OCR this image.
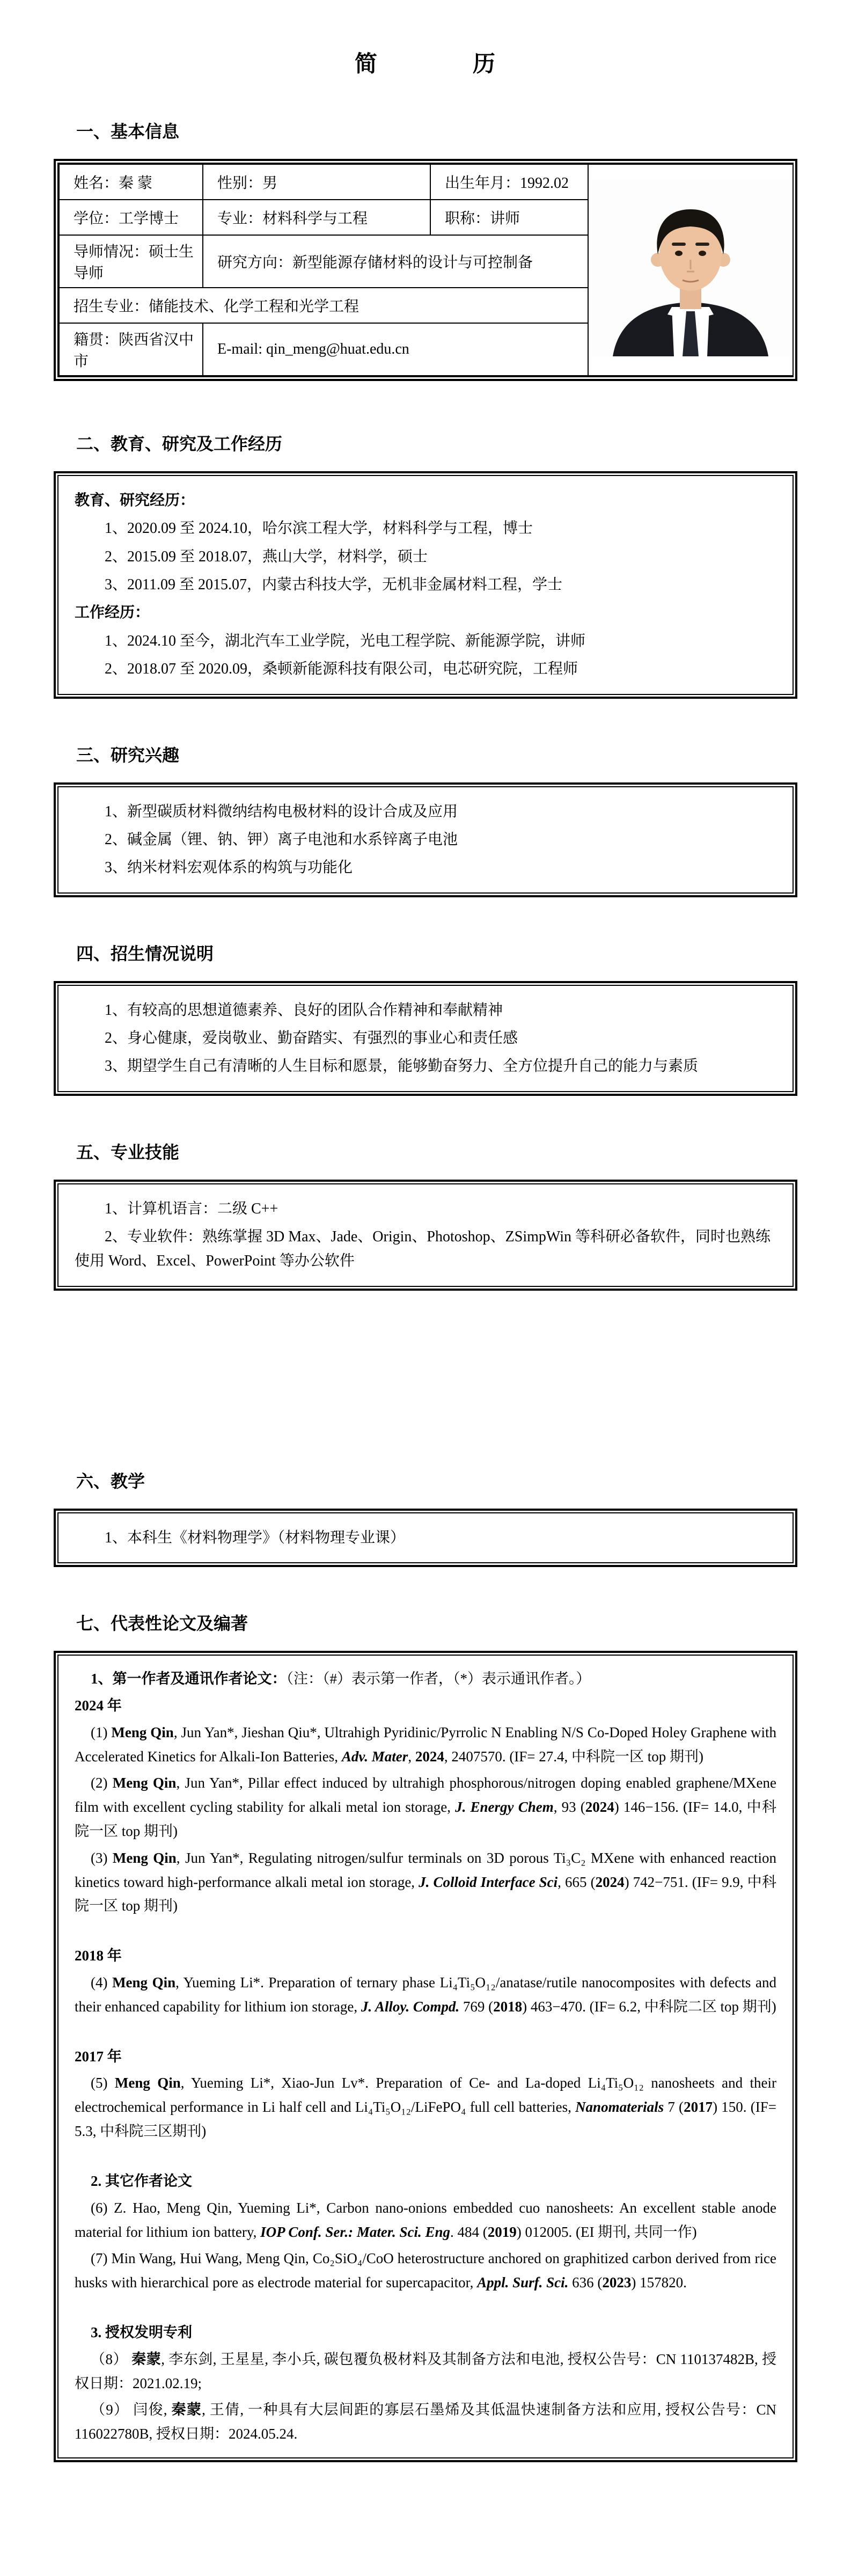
简　　　　历
一、基本信息
姓名：秦 蒙	性别：男	出生年月：1992.02	
学位：工学博士	专业：材料科学与工程	职称：讲师	
导师情况：硕士生导师	研究方向：新型能源存储材料的设计与可控制备		
招生专业：储能技术、化学工程和光学工程			
籍贯：陕西省汉中市	E-mail: qin_meng@huat.edu.cn		
二、教育、研究及工作经历

教育、研究经历：

1、2020.09 至 2024.10，哈尔滨工程大学，材料科学与工程，博士

2、2015.09 至 2018.07，燕山大学，材料学，硕士

3、2011.09 至 2015.07，内蒙古科技大学，无机非金属材料工程，学士

工作经历：

1、2024.10 至今，湖北汽车工业学院，光电工程学院、新能源学院，讲师

2、2018.07 至 2020.09，桑顿新能源科技有限公司，电芯研究院，工程师

三、研究兴趣

1、新型碳质材料微纳结构电极材料的设计合成及应用

2、碱金属（锂、钠、钾）离子电池和水系锌离子电池

3、纳米材料宏观体系的构筑与功能化

四、招生情况说明

1、有较高的思想道德素养、良好的团队合作精神和奉献精神

2、身心健康，爱岗敬业、勤奋踏实、有强烈的事业心和责任感

3、期望学生自己有清晰的人生目标和愿景，能够勤奋努力、全方位提升自己的能力与素质

五、专业技能

1、计算机语言：二级 C++

2、专业软件：熟练掌握 3D Max、Jade、Origin、Photoshop、ZSimpWin 等科研必备软件，同时也熟练使用 Word、Excel、PowerPoint 等办公软件

六、教学

1、本科生《材料物理学》（材料物理专业课）

七、代表性论文及编著

1、第一作者及通讯作者论文：（注：（#）表示第一作者，（*）表示通讯作者。）

2024 年

(1) Meng Qin, Jun Yan*, Jieshan Qiu*, Ultrahigh Pyridinic/Pyrrolic N Enabling N/S Co-Doped Holey Graphene with Accelerated Kinetics for Alkali-Ion Batteries, Adv. Mater, 2024, 2407570. (IF= 27.4, 中科院一区 top 期刊)

(2) Meng Qin, Jun Yan*, Pillar effect induced by ultrahigh phosphorous/nitrogen doping enabled graphene/MXene film with excellent cycling stability for alkali metal ion storage, J. Energy Chem, 93 (2024) 146−156. (IF= 14.0, 中科院一区 top 期刊)

(3) Meng Qin, Jun Yan*, Regulating nitrogen/sulfur terminals on 3D porous Ti₃C₂ MXene with enhanced reaction kinetics toward high-performance alkali metal ion storage, J. Colloid Interface Sci, 665 (2024) 742−751. (IF= 9.9, 中科院一区 top 期刊)

2018 年

(4) Meng Qin, Yueming Li*. Preparation of ternary phase Li₄Ti₅O₁₂/anatase/rutile nanocomposites with defects and their enhanced capability for lithium ion storage, J. Alloy. Compd. 769 (2018) 463−470. (IF= 6.2, 中科院二区 top 期刊)

2017 年

(5) Meng Qin, Yueming Li*, Xiao-Jun Lv*. Preparation of Ce- and La-doped Li₄Ti₅O₁₂ nanosheets and their electrochemical performance in Li half cell and Li₄Ti₅O₁₂/LiFePO₄ full cell batteries, Nanomaterials 7 (2017) 150. (IF= 5.3, 中科院三区期刊)

2. 其它作者论文

(6) Z. Hao, Meng Qin, Yueming Li*, Carbon nano-onions embedded cuo nanosheets: An excellent stable anode material for lithium ion battery, IOP Conf. Ser.: Mater. Sci. Eng. 484 (2019) 012005. (EI 期刊, 共同一作)

(7) Min Wang, Hui Wang, Meng Qin, Co₂SiO₄/CoO heterostructure anchored on graphitized carbon derived from rice husks with hierarchical pore as electrode material for supercapacitor, Appl. Surf. Sci. 636 (2023) 157820.

3. 授权发明专利

（8） 秦蒙, 李东剑, 王星星, 李小兵, 碳包覆负极材料及其制备方法和电池, 授权公告号：CN 110137482B, 授权日期：2021.02.19;

（9） 闫俊, 秦蒙, 王倩, 一种具有大层间距的寡层石墨烯及其低温快速制备方法和应用, 授权公告号：CN 116022780B, 授权日期：2024.05.24.
